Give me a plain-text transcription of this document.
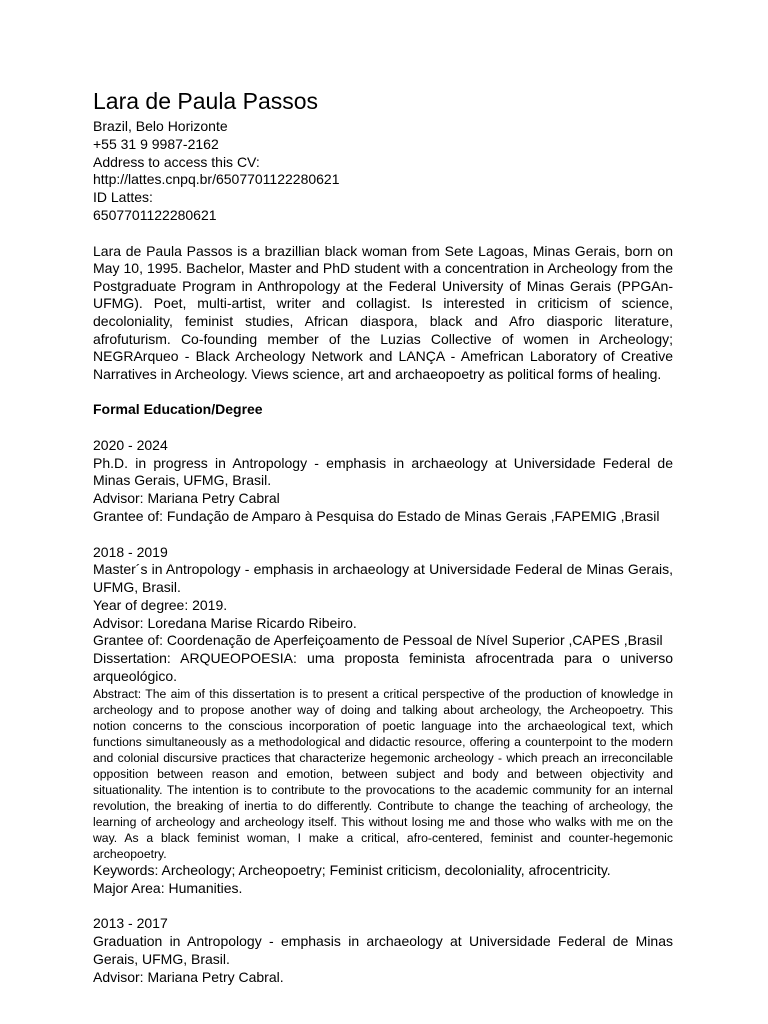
Lara de Paula Passos

Brazil, Belo Horizonte

+55 31 9 9987-2162

Address to access this CV:

http://lattes.cnpq.br/6507701122280621

ID Lattes:

6507701122280621

Lara de Paula Passos is a brazillian black woman from Sete Lagoas, Minas Gerais, born on May 10, 1995. Bachelor, Master and PhD student with a concentration in Archeology from the Postgraduate Program in Anthropology at the Federal University of Minas Gerais (PPGAn-UFMG). Poet, multi-artist, writer and collagist. Is interested in criticism of science, decoloniality, feminist studies, African diaspora, black and Afro diasporic literature, afrofuturism. Co-founding member of the Luzias Collective of women in Archeology; NEGRArqueo - Black Archeology Network and LANÇA - Amefrican Laboratory of Creative Narratives in Archeology. Views science, art and archaeopoetry as political forms of healing.

Formal Education/Degree

2020 - 2024

Ph.D. in progress in Antropology - emphasis in archaeology at Universidade Federal de Minas Gerais, UFMG, Brasil.

Advisor: Mariana Petry Cabral

Grantee of: Fundação de Amparo à Pesquisa do Estado de Minas Gerais ,FAPEMIG ,Brasil

2018 - 2019

Master´s in Antropology - emphasis in archaeology at Universidade Federal de Minas Gerais, UFMG, Brasil.

Year of degree: 2019.

Advisor: Loredana Marise Ricardo Ribeiro.

Grantee of: Coordenação de Aperfeiçoamento de Pessoal de Nível Superior ,CAPES ,Brasil

Dissertation: ARQUEOPOESIA: uma proposta feminista afrocentrada para o universo arqueológico.

Abstract: The aim of this dissertation is to present a critical perspective of the production of knowledge in archeology and to propose another way of doing and talking about archeology, the Archeopoetry. This notion concerns to the conscious incorporation of poetic language into the archaeological text, which functions simultaneously as a methodological and didactic resource, offering a counterpoint to the modern and colonial discursive practices that characterize hegemonic archeology - which preach an irreconcilable opposition between reason and emotion, between subject and body and between objectivity and situationality. The intention is to contribute to the provocations to the academic community for an internal revolution, the breaking of inertia to do differently. Contribute to change the teaching of archeology, the learning of archeology and archeology itself. This without losing me and those who walks with me on the way. As a black feminist woman, I make a critical, afro-centered, feminist and counter-hegemonic archeopoetry.

Keywords: Archeology; Archeopoetry; Feminist criticism, decoloniality, afrocentricity.

Major Area: Humanities.

2013 - 2017

Graduation in Antropology - emphasis in archaeology at Universidade Federal de Minas Gerais, UFMG, Brasil.

Advisor: Mariana Petry Cabral.
